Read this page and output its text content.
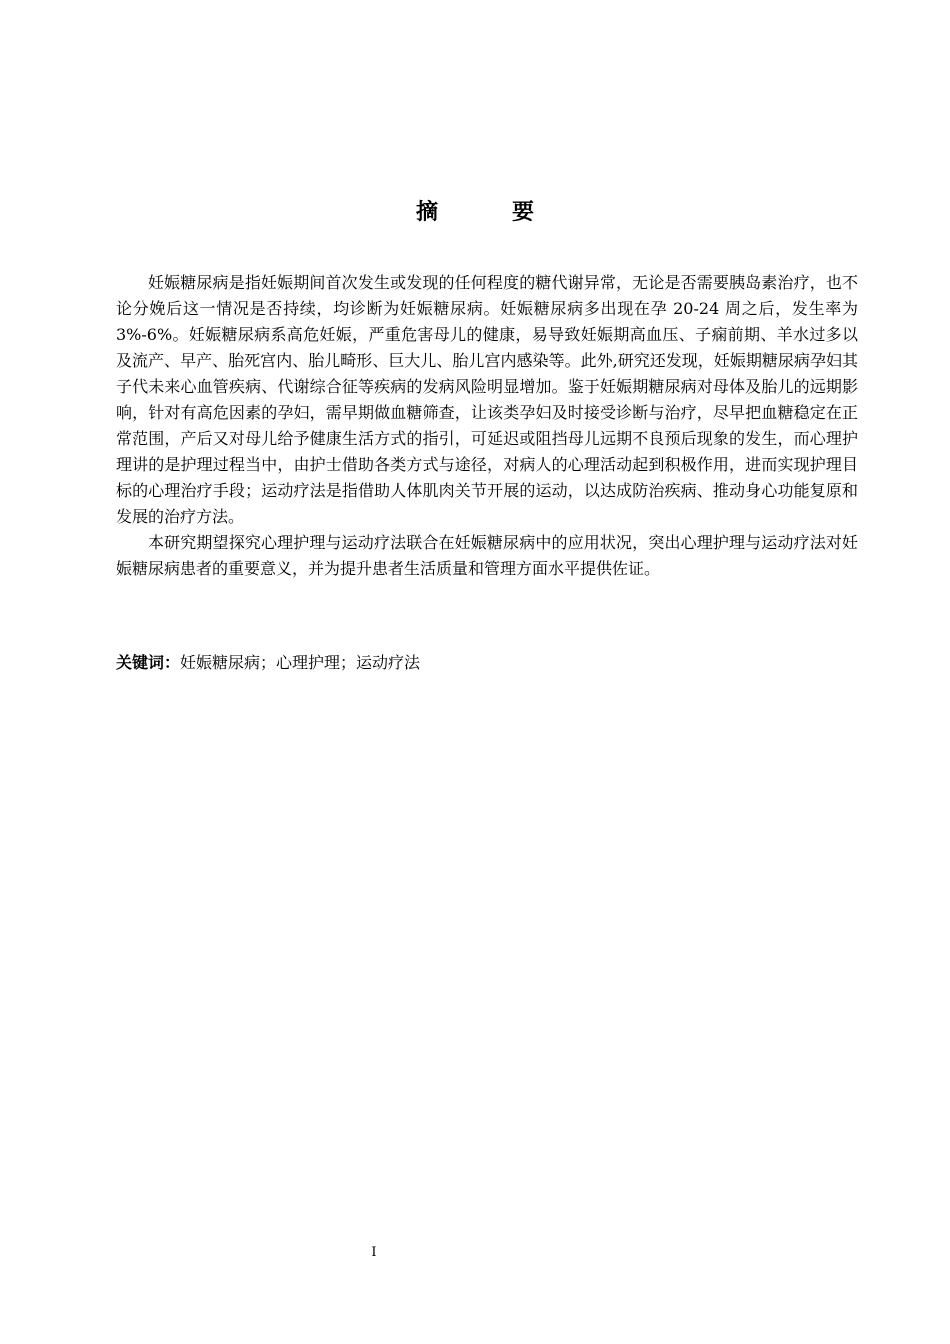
摘　要

妊娠糖尿病是指妊娠期间首次发生或发现的任何程度的糖代谢异常，无论是否需要胰岛素治疗，也不论分娩后这一情况是否持续，均诊断为妊娠糖尿病。妊娠糖尿病多出现在孕 20-24 周之后，发生率为 3%-6%。妊娠糖尿病系高危妊娠，严重危害母儿的健康，易导致妊娠期高血压、子痫前期、羊水过多以及流产、早产、胎死宫内、胎儿畸形、巨大儿、胎儿宫内感染等。此外,研究还发现，妊娠期糖尿病孕妇其子代未来心血管疾病、代谢综合征等疾病的发病风险明显增加。鉴于妊娠期糖尿病对母体及胎儿的远期影响，针对有高危因素的孕妇，需早期做血糖筛查，让该类孕妇及时接受诊断与治疗，尽早把血糖稳定在正常范围，产后又对母儿给予健康生活方式的指引，可延迟或阻挡母儿远期不良预后现象的发生，而心理护理讲的是护理过程当中，由护士借助各类方式与途径，对病人的心理活动起到积极作用，进而实现护理目标的心理治疗手段；运动疗法是指借助人体肌肉关节开展的运动，以达成防治疾病、推动身心功能复原和发展的治疗方法。

本研究期望探究心理护理与运动疗法联合在妊娠糖尿病中的应用状况，突出心理护理与运动疗法对妊娠糖尿病患者的重要意义，并为提升患者生活质量和管理方面水平提供佐证。

关键词：妊娠糖尿病；心理护理；运动疗法
I
